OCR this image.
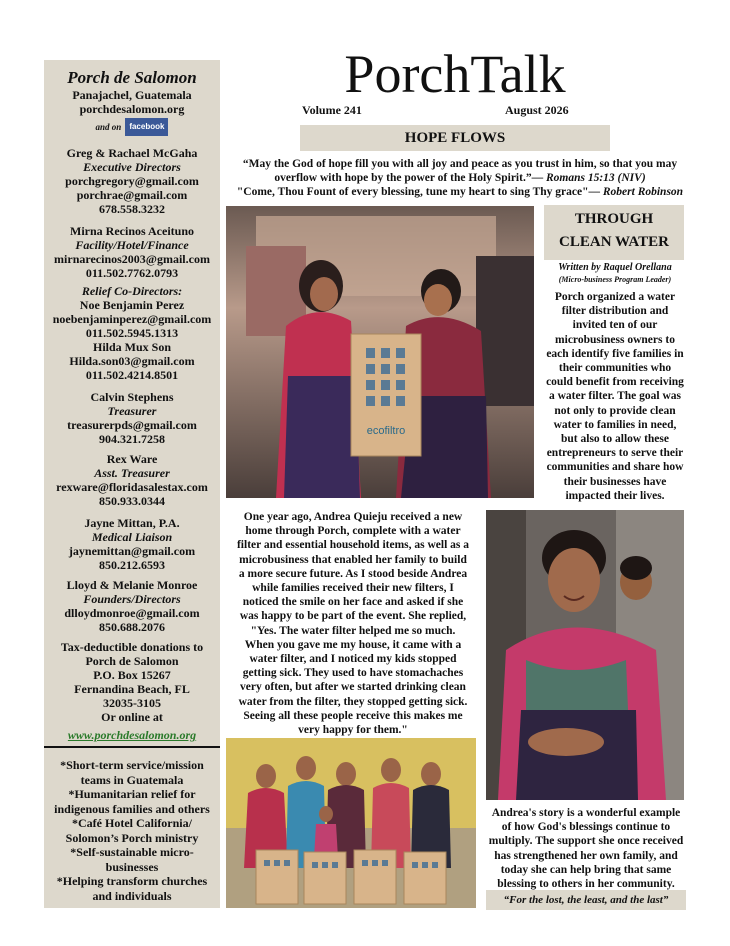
Porch de Salomon
Panajachel, Guatemala
porchdesalomon.org
and on facebook
Greg & Rachael McGaha
Executive Directors
porchgregory@gmail.com
porchrae@gmail.com
678.558.3232
Mirna Recinos Aceituno
Facility/Hotel/Finance
mirnarecinos2003@gmail.com
011.502.7762.0793
Relief Co-Directors:
Noe Benjamin Perez
noebenjaminperez@gmail.com
011.502.5945.1313
Hilda Mux Son
Hilda.son03@gmail.com
011.502.4214.8501
Calvin Stephens
Treasurer
treasurerpds@gmail.com
904.321.7258
Rex Ware
Asst. Treasurer
rexware@floridasalestax.com
850.933.0344
Jayne Mittan, P.A.
Medical Liaison
jaynemittan@gmail.com
850.212.6593
Lloyd & Melanie Monroe
Founders/Directors
dlloydmonroe@gmail.com
850.688.2076
Tax-deductible donations to
Porch de Salomon
P.O. Box 15267
Fernandina Beach, FL
32035-3105
Or online at
www.porchdesalomon.org
*Short-term service/mission
teams in Guatemala
*Humanitarian relief for
indigenous families and others
*Café Hotel California/
Solomon’s Porch ministry
*Self-sustainable micro-
businesses
*Helping transform churches
and individuals
PorchTalk
Volume 241	August 2026
HOPE FLOWS
“May the God of hope fill you with all joy and peace as you trust in him, so that you may
overflow with hope by the power of the Holy Spirit.”— Romans 15:13 (NIV)
"Come, Thou Fount of every blessing, tune my heart to sing Thy grace"— Robert Robinson
ecofiltro
THROUGH
CLEAN WATER
Written by Raquel Orellana
(Micro-business Program Leader)
Porch organized a water
filter distribution and
invited ten of our
microbusiness owners to
each identify five families in
their communities who
could benefit from receiving
a water filter. The goal was
not only to provide clean
water to families in need,
but also to allow these
entrepreneurs to serve their
communities and share how
their businesses have
impacted their lives.
One year ago, Andrea Quieju received a new
home through Porch, complete with a water
filter and essential household items, as well as a
microbusiness that enabled her family to build
a more secure future. As I stood beside Andrea
while families received their new filters, I
noticed the smile on her face and asked if she
was happy to be part of the event. She replied,
"Yes. The water filter helped me so much.
When you gave me my house, it came with a
water filter, and I noticed my kids stopped
getting sick. They used to have stomachaches
very often, but after we started drinking clean
water from the filter, they stopped getting sick.
Seeing all these people receive this makes me
very happy for them."
Andrea's story is a wonderful example
of how God's blessings continue to
multiply. The support she once received
has strengthened her own family, and
today she can help bring that same
blessing to others in her community.
“For the lost, the least, and the last”
